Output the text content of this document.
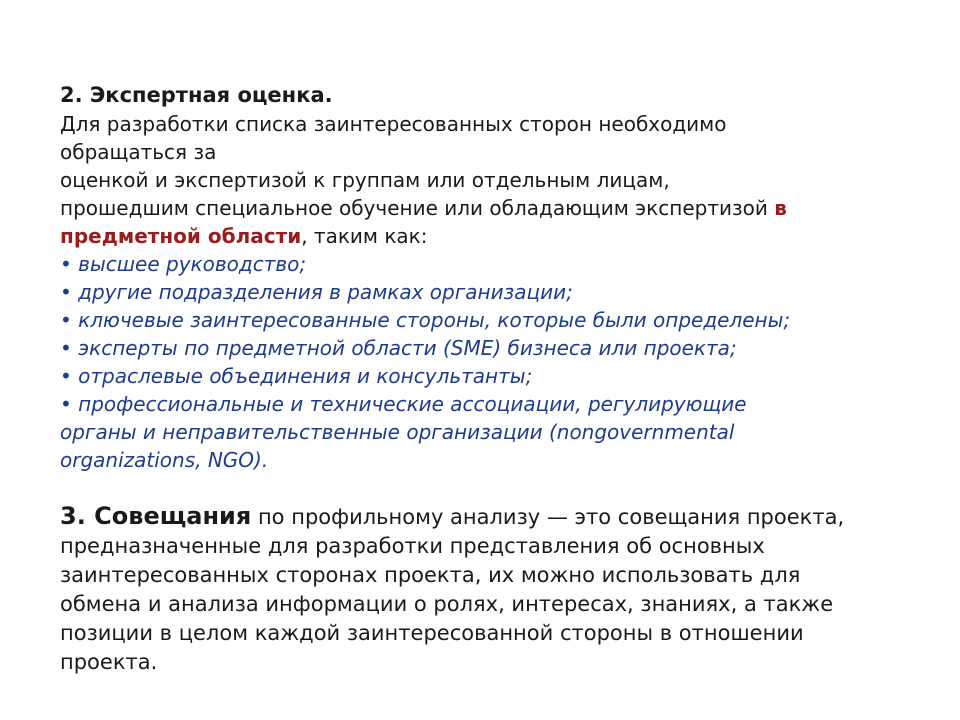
2. Экспертная оценка.
Для разработки списка заинтересованных сторон необходимо
обращаться за
оценкой и экспертизой к группам или отдельным лицам,
прошедшим специальное обучение или обладающим экспертизой в
предметной области, таким как:
• высшее руководство;
• другие подразделения в рамках организации;
• ключевые заинтересованные стороны, которые были определены;
• эксперты по предметной области (SME) бизнеса или проекта;
• отраслевые объединения и консультанты;
• профессиональные и технические ассоциации, регулирующие
органы и неправительственные организации (nongovernmental
organizations, NGO).
3. Совещания по профильному анализу — это совещания проекта,
предназначенные для разработки представления об основных
заинтересованных сторонах проекта, их можно использовать для
обмена и анализа информации о ролях, интересах, знаниях, а также
позиции в целом каждой заинтересованной стороны в отношении
проекта.
